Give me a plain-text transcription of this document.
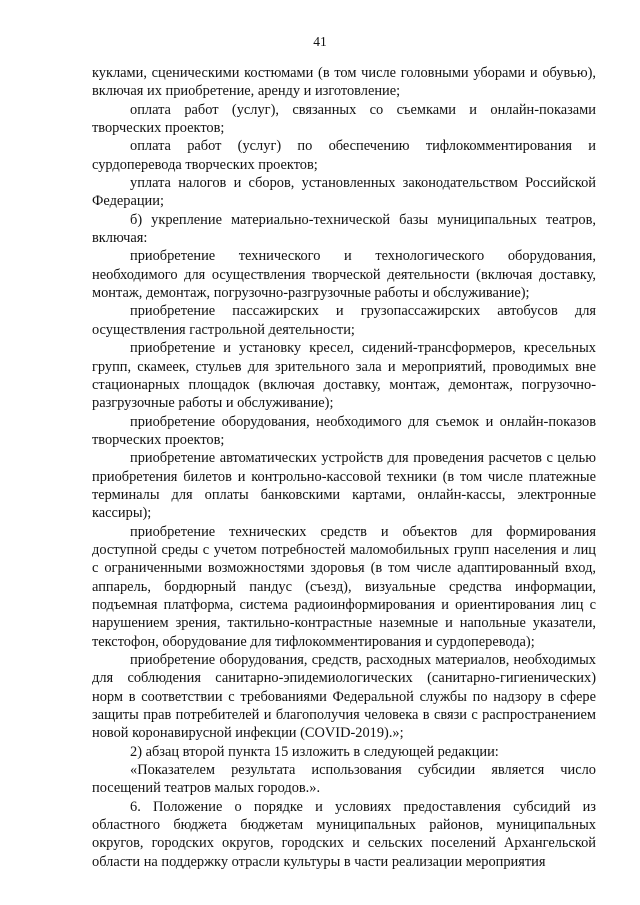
41

куклами, сценическими костюмами (в том числе головными уборами и обувью), включая их приобретение, аренду и изготовление;

оплата работ (услуг), связанных со съемками и онлайн-показами творческих проектов;

оплата работ (услуг) по обеспечению тифлокомментирования и сурдоперевода творческих проектов;

уплата налогов и сборов, установленных законодательством Российской Федерации;

б) укрепление материально-технической базы муниципальных театров, включая:

приобретение технического и технологического оборудования, необходимого для осуществления творческой деятельности (включая доставку, монтаж, демонтаж, погрузочно-разгрузочные работы и обслуживание);

приобретение пассажирских и грузопассажирских автобусов для осуществления гастрольной деятельности;

приобретение и установку кресел, сидений-трансформеров, кресельных групп, скамеек, стульев для зрительного зала и мероприятий, проводимых вне стационарных площадок (включая доставку, монтаж, демонтаж, погрузочно-разгрузочные работы и обслуживание);

приобретение оборудования, необходимого для съемок и онлайн-показов творческих проектов;

приобретение автоматических устройств для проведения расчетов с целью приобретения билетов и контрольно-кассовой техники (в том числе платежные терминалы для оплаты банковскими картами, онлайн-кассы, электронные кассиры);

приобретение технических средств и объектов для формирования доступной среды с учетом потребностей маломобильных групп населения и лиц с ограниченными возможностями здоровья (в том числе адаптированный вход, аппарель, бордюрный пандус (съезд), визуальные средства информации, подъемная платформа, система радиоинформирования и ориентирования лиц с нарушением зрения, тактильно-контрастные наземные и напольные указатели, текстофон, оборудование для тифлокомментирования и сурдоперевода);

приобретение оборудования, средств, расходных материалов, необходимых для соблюдения санитарно-эпидемиологических (санитарно-гигиенических) норм в соответствии с требованиями Федеральной службы по надзору в сфере защиты прав потребителей и благополучия человека в связи с распространением новой коронавирусной инфекции (COVID-2019).»;

2) абзац второй пункта 15 изложить в следующей редакции:

«Показателем результата использования субсидии является число посещений театров малых городов.».

6. Положение о порядке и условиях предоставления субсидий из областного бюджета бюджетам муниципальных районов, муниципальных округов, городских округов, городских и сельских поселений Архангельской области на поддержку отрасли культуры в части реализации мероприятия
